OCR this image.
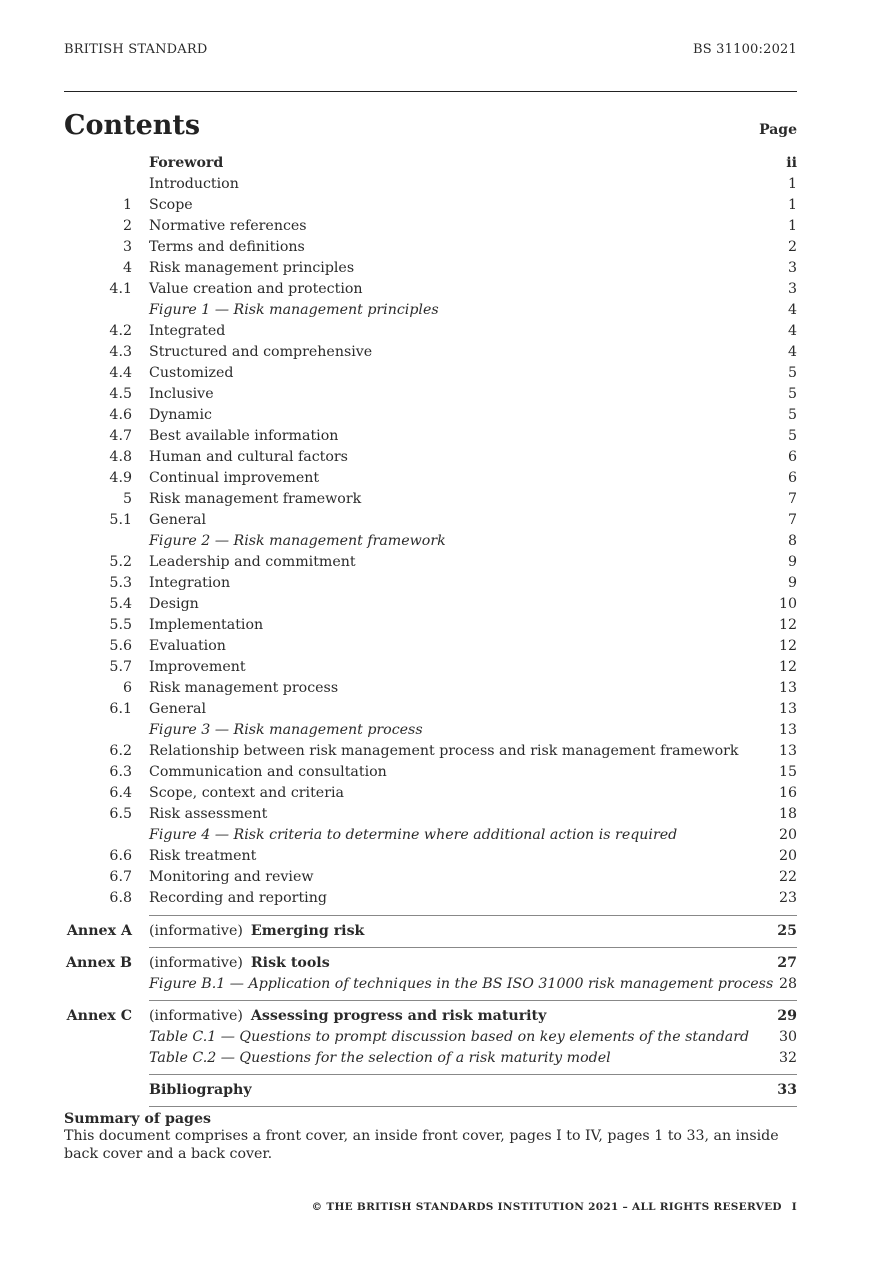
BRITISH STANDARD	BS 31100:2021
Contents	Page
Foreword	ii
Introduction	1
1 Scope	1
2 Normative references	1
3 Terms and definitions	2
4 Risk management principles	3
4.1 Value creation and protection	3
Figure 1 — Risk management principles	4
4.2 Integrated	4
4.3 Structured and comprehensive	4
4.4 Customized	5
4.5 Inclusive	5
4.6 Dynamic	5
4.7 Best available information	5
4.8 Human and cultural factors	6
4.9 Continual improvement	6
5 Risk management framework	7
5.1 General	7
Figure 2 — Risk management framework	8
5.2 Leadership and commitment	9
5.3 Integration	9
5.4 Design	10
5.5 Implementation	12
5.6 Evaluation	12
5.7 Improvement	12
6 Risk management process	13
6.1 General	13
Figure 3 — Risk management process	13
6.2 Relationship between risk management process and risk management framework	13
6.3 Communication and consultation	15
6.4 Scope, context and criteria	16
6.5 Risk assessment	18
Figure 4 — Risk criteria to determine where additional action is required	20
6.6 Risk treatment	20
6.7 Monitoring and review	22
6.8 Recording and reporting	23
Annex A (informative) Emerging risk	25
Annex B (informative) Risk tools	27
Figure B.1 — Application of techniques in the BS ISO 31000 risk management process 28
Annex C (informative) Assessing progress and risk maturity	29
Table C.1 — Questions to prompt discussion based on key elements of the standard 30
Table C.2 — Questions for the selection of a risk maturity model	32
Bibliography	33
Summary of pages
This document comprises a front cover, an inside front cover, pages I to IV, pages 1 to 33, an inside back cover and a back cover.
© THE BRITISH STANDARDS INSTITUTION 2021 – ALL RIGHTS RESERVED I
